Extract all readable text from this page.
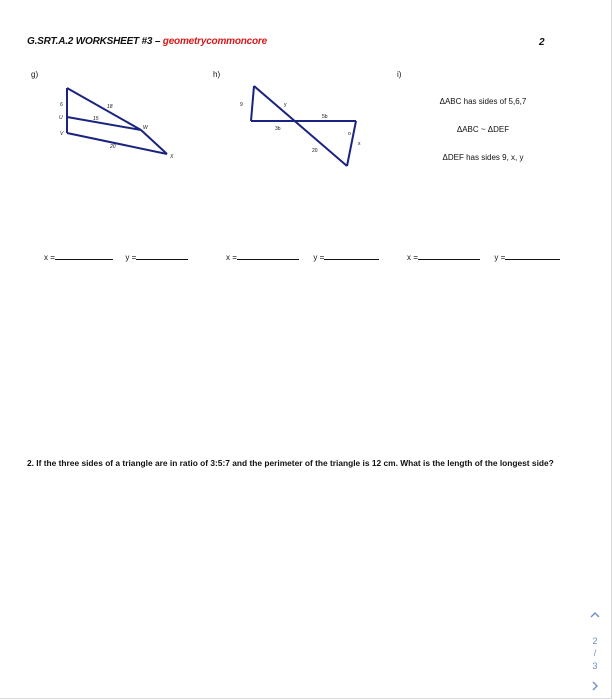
G.SRT.A.2 WORKSHEET #3 – geometrycommoncore	2
g)	h)	i)
6
U
V
18
15
W
20
X
9	y
5b
3b
o
x
20
ΔABC has sides of 5,6,7
ΔABC ~ ΔDEF
ΔDEF has sides 9, x, y
x =	y =	x =	y =	x =	y =
2. If the three sides of a triangle are in ratio of 3:5:7 and the perimeter of the triangle is 12 cm. What is the length of the longest side?
2
/
3
